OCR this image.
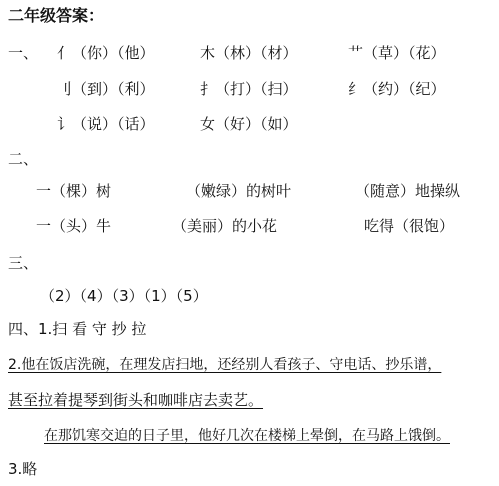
二年级答案：
一、 亻（你）（他）	木（林）（材）	艹（草）（花）
刂（到）（利）	扌（打）（扫）	纟（约）（纪）
讠（说）（话）	女（好）（如）
二、
一（棵）树	（嫩绿）的树叶	（随意）地操纵
一（头）牛	（美丽）的小花	吃得（很饱）
三、
（2）（4）（3）（1）（5）
四、1.扫 看 守 抄 拉
2.他在饭店洗碗，在理发店扫地，还经别人看孩子、守电话、抄乐谱，
甚至拉着提琴到街头和咖啡店去卖艺。
在那饥寒交迫的日子里，他好几次在楼梯上晕倒，在马路上饿倒。
3.略
